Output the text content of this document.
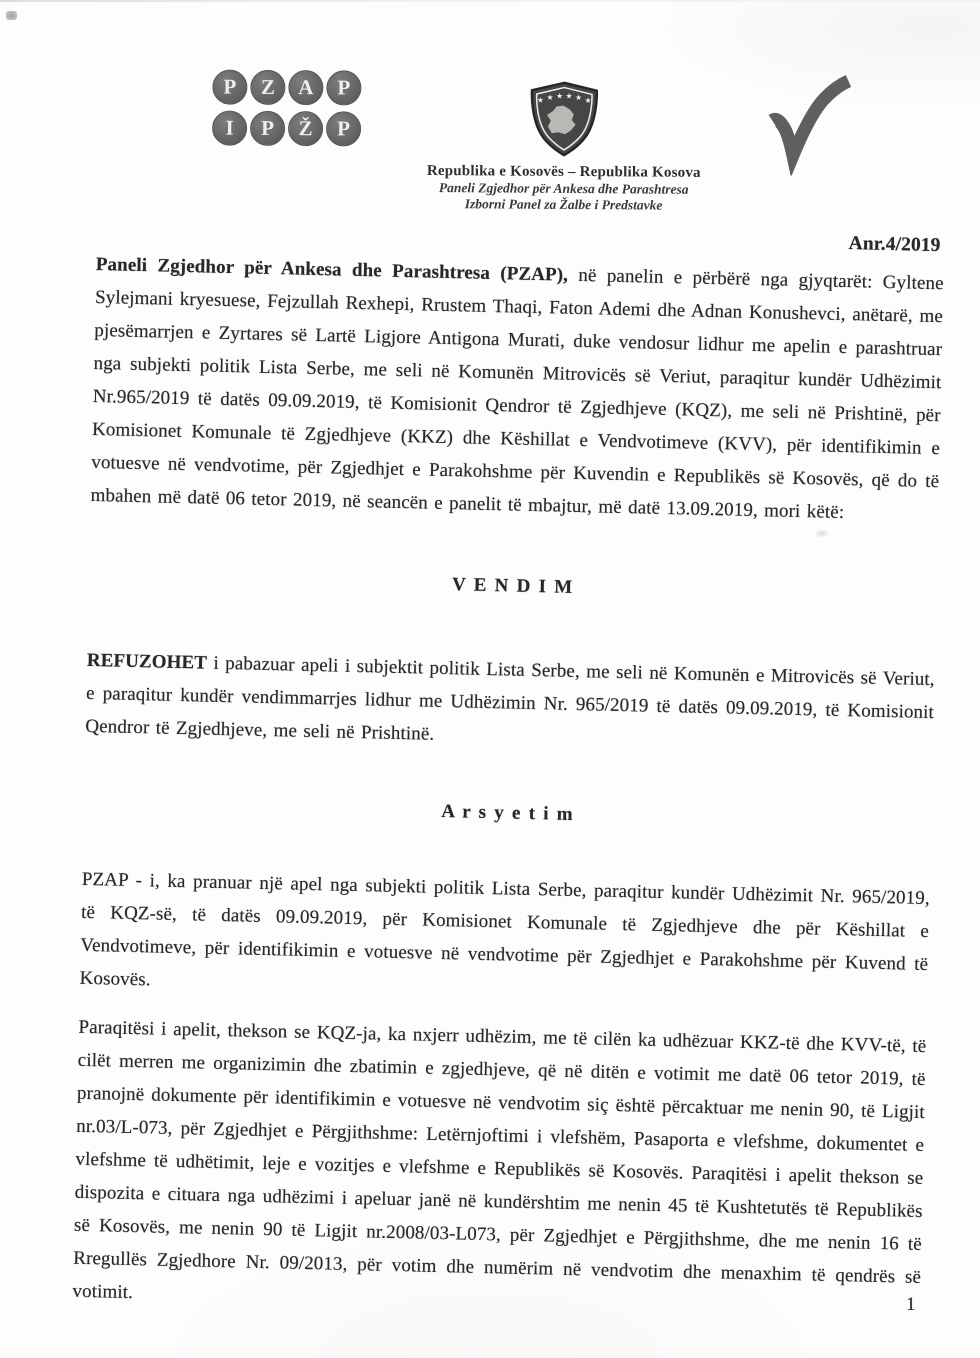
P Z A P
I P Ž P
★ ★ ★ ★ ★ ★
Republika e Kosovës – Republika Kosova
Paneli Zgjedhor për Ankesa dhe Parashtresa
Izborni Panel za Žalbe i Predstavke
Anr.4/2019

Paneli Zgjedhor për Ankesa dhe Parashtresa (PZAP), në panelin e përbërë nga gjyqtarët: Gyltene Sylejmani kryesuese, Fejzullah Rexhepi, Rrustem Thaqi, Faton Ademi dhe Adnan Konushevci, anëtarë, me pjesëmarrjen e Zyrtares së Lartë Ligjore Antigona Murati, duke vendosur lidhur me apelin e parashtruar nga subjekti politik Lista Serbe, me seli në Komunën Mitrovicës së Veriut, paraqitur kundër Udhëzimit Nr.965/2019 të datës 09.09.2019, të Komisionit Qendror të Zgjedhjeve (KQZ), me seli në Prishtinë, për Komisionet Komunale të Zgjedhjeve (KKZ) dhe Këshillat e Vendvotimeve (KVV), për identifikimin e votuesve në vendvotime, për Zgjedhjet e Parakohshme për Kuvendin e Republikës së Kosovës, që do të mbahen më datë 06 tetor 2019, në seancën e panelit të mbajtur, më datë 13.09.2019, mori këtë:

V E N D I M

REFUZOHET i pabazuar apeli i subjektit politik Lista Serbe, me seli në Komunën e Mitrovicës së Veriut, e paraqitur kundër vendimmarrjes lidhur me Udhëzimin Nr. 965/2019 të datës 09.09.2019, të Komisionit Qendror të Zgjedhjeve, me seli në Prishtinë.

A r s y e t i m

PZAP - i, ka pranuar një apel nga subjekti politik Lista Serbe, paraqitur kundër Udhëzimit Nr. 965/2019, të KQZ-së, të datës 09.09.2019, për Komisionet Komunale të Zgjedhjeve dhe për Këshillat e Vendvotimeve, për identifikimin e votuesve në vendvotime për Zgjedhjet e Parakohshme për Kuvend të Kosovës.

Paraqitësi i apelit, thekson se KQZ-ja, ka nxjerr udhëzim, me të cilën ka udhëzuar KKZ-të dhe KVV-të, të cilët merren me organizimin dhe zbatimin e zgjedhjeve, që në ditën e votimit me datë 06 tetor 2019, të pranojnë dokumente për identifikimin e votuesve në vendvotim siç është përcaktuar me nenin 90, të Ligjit nr.03/L-073, për Zgjedhjet e Përgjithshme: Letërnjoftimi i vlefshëm, Pasaporta e vlefshme, dokumentet e vlefshme të udhëtimit, leje e vozitjes e vlefshme e Republikës së Kosovës. Paraqitësi i apelit thekson se dispozita e cituara nga udhëzimi i apeluar janë në kundërshtim me nenin 45 të Kushtetutës të Republikës së Kosovës, me nenin 90 të Ligjit nr.2008/03-L073, për Zgjedhjet e Përgjithshme, dhe me nenin 16 të Rregullës Zgjedhore Nr. 09/2013, për votim dhe numërim në vendvotim dhe menaxhim të qendrës së votimit.

1
